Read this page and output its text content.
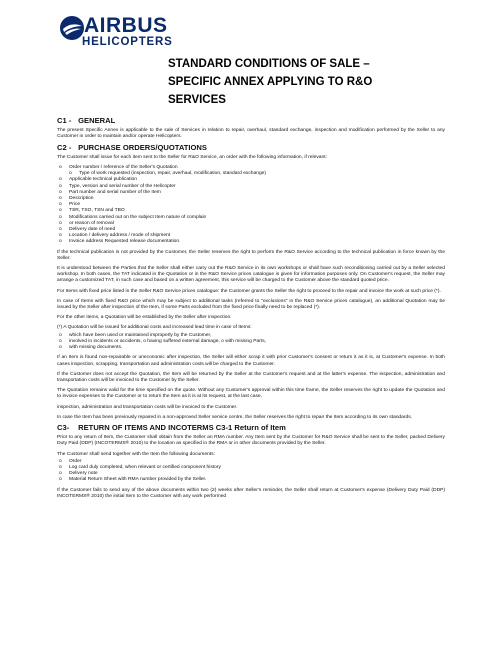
AIRBUS
HELICOPTERS
STANDARD CONDITIONS OF SALE –
SPECIFIC ANNEX APPLYING TO R&O
SERVICES
C1 - GENERAL

The present Specific Annex is applicable to the sale of Services in relation to repair, overhaul, standard exchange, inspection and modification performed by the Seller to any Customer in order to maintain and/or operate Helicopters.

C2 - PURCHASE ORDERS/QUOTATIONS

The Customer shall issue for each item sent to the Seller for R&O Service, an order with the following information, if relevant:

o Order number / reference of the Seller's Quotation
o Type of work requested (inspection, repair, overhaul, modification, standard exchange)
o Applicable technical publication
o Type, version and serial number of the Helicopter
o Part number and serial number of the Item
o Description
o Price
o TSR, TSO, TSN and TBO
o Modifications carried out on the subject Item nature of complain
o or reason of removal
o Delivery date of need
o Location / delivery address / mode of shipment
o Invoice address Requested release documentation.

If the technical publication is not provided by the Customer, the Seller reserves the right to perform the R&O Service according to the technical publication in force known by the Seller.

It is understood between the Parties that the Seller shall either carry out the R&O Service in its own workshops or shall have such reconditioning carried out by a Seller selected workshop. In both cases, the TAT indicated in the Quotation or in the R&O Service prices catalogue is given for information purposes only. On Customer's request, the Seller may arrange a customized TAT, in such case and based on a written agreement, this service will be charged to the Customer above the standard quoted price.

For Items with fixed price listed in the Seller R&O Service prices catalogue: the Customer grants the Seller the right to proceed to the repair and invoice the work at such price (*).

In case of Items with fixed R&O price which may be subject to additional tasks (referred to "exclusions" in the R&O Service prices catalogue), an additional Quotation may be issued by the Seller after inspection of the Item, if some Parts excluded from the fixed price finally need to be replaced (*).

For the other items, a Quotation will be established by the Seller after inspection.

(*) A Quotation will be issued for additional costs and increased lead time in case of Items:

o which have been used or maintained improperly by the Customer,
o involved in incidents or accidents, o having suffered external damage, o with missing Parts,
o with missing documents.

If an Item is found non-repairable or uneconomic after inspection, the Seller will either scrap it with prior Customer's consent or return it as it is, at Customer's expense. In both cases inspection, scrapping, transportation and administration costs will be charged to the Customer.

If the Customer does not accept the Quotation, the Item will be returned by the Seller at the Customer's request and at the latter's expense. The inspection, administration and transportation costs will be invoiced to the Customer by the Seller.

The Quotation remains valid for the time specified on the quote. Without any Customer's approval within this time frame, the Seller reserves the right to update the Quotation and to invoice expenses to the Customer or to return the Item as it is at its request, at the last case,

inspection, administration and transportation costs will be invoiced to the Customer.

In case the Item has been previously repaired in a non-approved Seller service centre, the Seller reserves the right to repair the Item according to its own standards.

C3- RETURN OF ITEMS AND INCOTERMS C3-1 Return of Item

Prior to any return of Item, the Customer shall obtain from the Seller an RMA number. Any Item sent by the Customer for R&O Service shall be sent to the Seller, packed Delivery Duty Paid (DDP) (INCOTERMS® 2010) to the location as specified in the RMA or in other documents provided by the Seller.

The Customer shall send together with the Item the following documents:

o Order
o Log card duly completed, when relevant or certified component history
o Delivery note
o Material Return Sheet with RMA number provided by the Seller.

If the Customer fails to send any of the above documents within two (2) weeks after Seller's reminder, the Seller shall return at Customer's expense (Delivery Duty Paid (DDP) INCOTERMS® 2010) the initial Item to the Customer with any work performed
